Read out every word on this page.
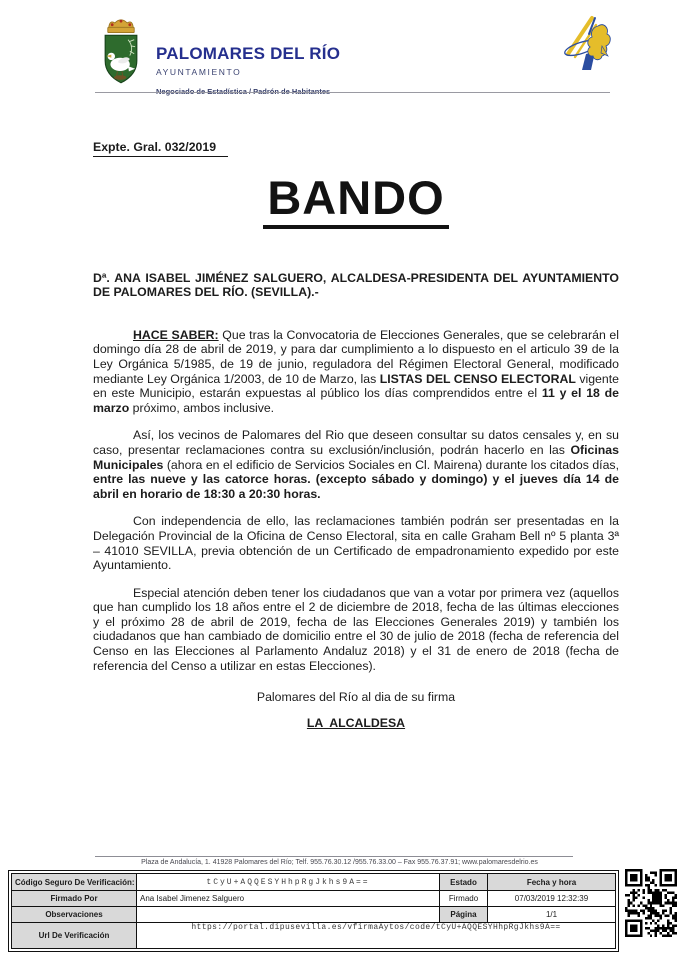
PALOMARES DEL RÍO
AYUNTAMIENTO
Negociado de Estadística / Padrón de Habitantes
Expte. Gral. 032/2019
BANDO

Dª. ANA ISABEL JIMÉNEZ SALGUERO, ALCALDESA-PRESIDENTA DEL AYUNTAMIENTO DE PALOMARES DEL RÍO. (SEVILLA).-

HACE SABER: Que tras la Convocatoria de Elecciones Generales, que se celebrarán el domingo día 28 de abril de 2019, y para dar cumplimiento a lo dispuesto en el articulo 39 de la Ley Orgánica 5/1985, de 19 de junio, reguladora del Régimen Electoral General, modificado mediante Ley Orgánica 1/2003, de 10 de Marzo, las LISTAS DEL CENSO ELECTORAL vigente en este Municipio, estarán expuestas al público los días comprendidos entre el 11 y el 18 de marzo próximo, ambos inclusive.

Así, los vecinos de Palomares del Rio que deseen consultar su datos censales y, en su caso, presentar reclamaciones contra su exclusión/inclusión, podrán hacerlo en las Oficinas Municipales (ahora en el edificio de Servicios Sociales en Cl. Mairena) durante los citados días, entre las nueve y las catorce horas. (excepto sábado y domingo) y el jueves día 14 de abril en horario de 18:30 a 20:30 horas.

Con independencia de ello, las reclamaciones también podrán ser presentadas en la Delegación Provincial de la Oficina de Censo Electoral, sita en calle Graham Bell nº 5 planta 3ª – 41010 SEVILLA, previa obtención de un Certificado de empadronamiento expedido por este Ayuntamiento.

Especial atención deben tener los ciudadanos que van a votar por primera vez (aquellos que han cumplido los 18 años entre el 2 de diciembre de 2018, fecha de las últimas elecciones y el próximo 28 de abril de 2019, fecha de las Elecciones Generales 2019) y también los ciudadanos que han cambiado de domicilio entre el 30 de julio de 2018 (fecha de referencia del Censo en las Elecciones al Parlamento Andaluz 2018) y el 31 de enero de 2018 (fecha de referencia del Censo a utilizar en estas Elecciones).

Palomares del Río al dia de su firma
LA  ALCALDESA
Plaza de Andalucía, 1. 41928 Palomares del Río; Telf. 955.76.30.12 /955.76.33.00 – Fax 955.76.37.91; www.palomaresdelrio.es
Código Seguro De Verificación:	tCyU+AQQESYHhpRgJkhs9A==	Estado	Fecha y hora
Firmado Por	Ana Isabel Jimenez Salguero	Firmado	07/03/2019 12:32:39
Observaciones		Página	1/1
Url De Verificación	https://portal.dipusevilla.es/vfirmaAytos/code/tCyU+AQQESYHhpRgJkhs9A==		
